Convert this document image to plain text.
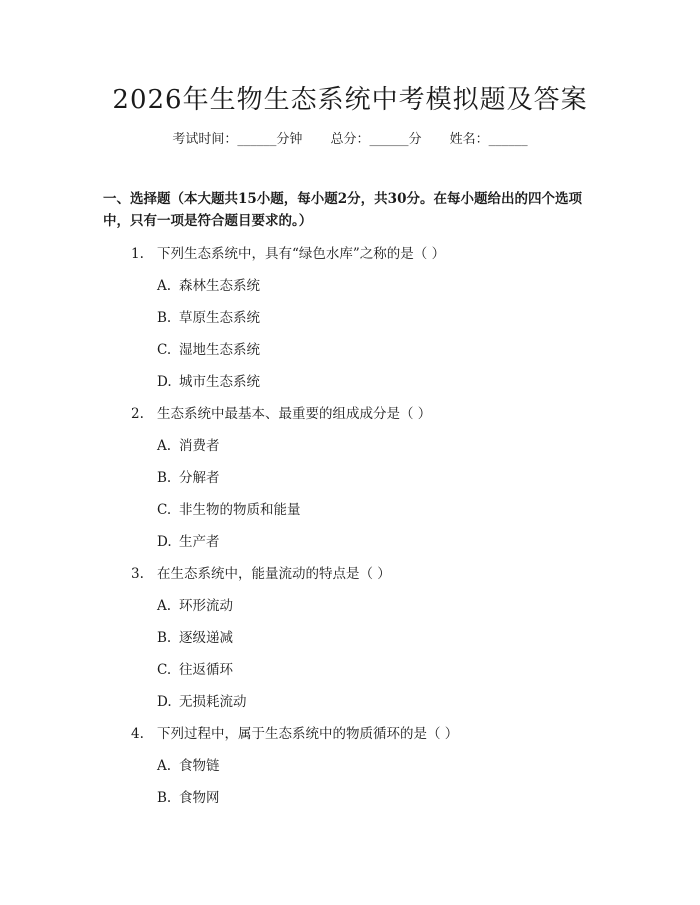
2026年生物生态系统中考模拟题及答案
考试时间：______分钟 总分：______分 姓名：______
一、选择题（本大题共15小题，每小题2分，共30分。在每小题给出的四个选项中，只有一项是符合题目要求的。）
1. 下列生态系统中，具有“绿色水库”之称的是（ ）
A. 森林生态系统
B. 草原生态系统
C. 湿地生态系统
D. 城市生态系统
2. 生态系统中最基本、最重要的组成成分是（ ）
A. 消费者
B. 分解者
C. 非生物的物质和能量
D. 生产者
3. 在生态系统中，能量流动的特点是（ ）
A. 环形流动
B. 逐级递减
C. 往返循环
D. 无损耗流动
4. 下列过程中，属于生态系统中的物质循环的是（ ）
A. 食物链
B. 食物网
